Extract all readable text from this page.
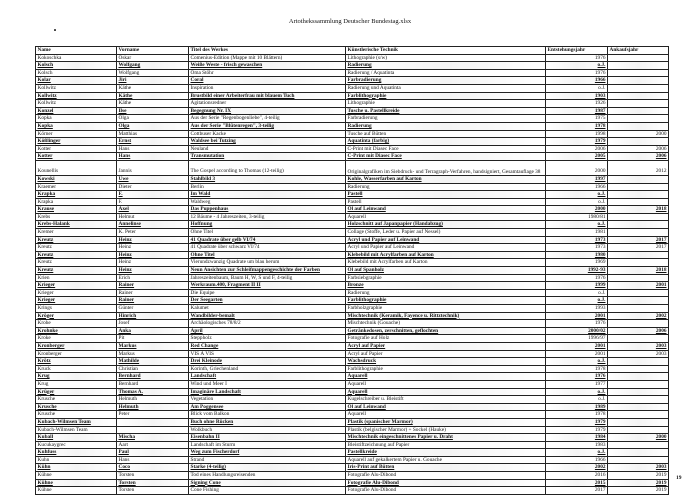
Artothekssammlung Deutscher Bundestag.xlsx
Name	Vorname	Titel des Werkes	Künstlerische Technik	Entstehungsjahr	Ankaufsjahr
Kokoschka	Oskar	Comenius-Edition (Mappe mit 10 Blättern)	Lithographie (s/w)	1976	
Kolsch	Wolfgang	Weiße Weste - frisch gewaschen	Radierung	o.J.	
Kolsch	Wolfgang	Oma Stöhr	Radierung / Aquatinta	1976	
Kolar	Jiri	Coral	Farbradierung	1966	
Kollwitz	Käthe	Inspiration	Radierung und Aquatinta	o.J.	
Kollwitz	Käthe	Brustbild einer Arbeiterfrau mit blauem Tuch	Farblithographie	1903	
Kollwitz	Käthe	Agitationsredner	Lithographie	1926	
Konzel	Ilse	Begegnung Nr. IX	Tusche u. Pastellkreide	1987	
Kopka	Olga	Aus der Serie "Regenbogenliebe", 4-teilig	Farbradierung	1975	
Kopka	Olga	Aus der Serie "Blütenregen", 3-teilig	Radierung	1978	
Körner	Matthias	Cottbuser Kacke	Tusche auf Bütten	1998	2000
Kößlinger	Ernst	Waldsee bei Tutzing	Aquatinta (farbig)	1979	
Kotter	Hans	Neuland	C-Print mit Diasec Face	2006	2006
Kotter	Hans	Transmutation	C-Print mit Diasec Face	2005	2006
Kounellis	Jannis	The Gospel according to Thomas (12-teilig)	Originalgrafiken im Siebdruck- und Terragraph-Verfahren, handsigniert, Gesamtauflage 38	2000	2012
Kowski	Uwe	Stahlbild 3	Kohle, Wasserfarben auf Karton	1997	
Kraemer	Dieter	Berlin	Radierung	1966	
Krapka	F.	Im Wald	Pastell	o.J.	
Krapka	F.	Waldweg	Pastell	o.J.	
Krause	Axel	Das Puppenhaus	Öl auf Leinwand	2000	2018
Krebs	Helmut	12 Bäume - 4 Jahreszeiten, 3-teilig	Aquarell	1980/81	
Krebs-Halank	Annelinse	Hoffnung	Holzschnitt auf Japanpapier (Handabzug)	o.J.	
Kremer	K. Peter	Ohne Titel	Collage (Stoffe, Leder u. Papier auf Nessel)	1981	
Kreutz	Heinz	41 Quadrate über gelb VI/74	Acryl und Papier auf Leinwand	1973	2017
Kreutz	Heinz	41 Quadrate über schwarz VI/74	Acryl und Papier auf Leinwand	1973	2017
Kreutz	Heinz	Ohne Titel	Klebebild mit Acrylfarben auf Karton	1980	
Kreutz	Heinz	Vierundzwanzig Quadrate um blau herum	Klebebild mit Acrylfarben auf Karton	1969	
Kreutz	Heinz	Neun Ansichten zur Schleifmappengeschichte der Farben	Öl auf Spanholz	1992-93	2018
Krien	Erich	Jahreszeitenbaum, Baum H, W, S und F, 4-teilig	Farbsiebgraphie	1976	
Krieger	Rainer	Werkraum.400, Fragment II II	Bronze	1999	2001
Krieger	Rainer	Die Equipe	Radierung	o.J.	
Krieger	Rainer	Der Seegarten	Farblithographie	o.J.	
Krings	Günter	Kalumet	Farbholzgraphie	1993	
Kröger	Hinrich	Wandbilder-bemalt	Mischtechnik (Keramik, Fayence u. Rittztechnik)	2001	2002
Krohe	Josef	Archäologisches 78/8/2	Mischtechnik (Gouache)	1976	
Krohnke	Anka	April	Getränkedosen, zerschnitten, geflochten	2000/02	2006
Kroke	Pit	Steppholz	Fotografie auf Holz	1996/97	
Kronberger	Markus	Red Change	Acryl auf Papier	2001	2003
Kronberger	Markus	VIS À VIS	Acryl auf Papier	2001	2003
Krötz	Mathilde	Drei Kleinode	Wachsdruck	o.J.	
Kruck	Christian	Korinth, Griechenland	Farblithographie	1978	
Krug	Bernhard	Landschaft	Aquarell	1976	
Krug	Bernhard	Wind und Meer I	Aquarell	1977	
Krüger	Thomas A.	Imaginäre Landschaft	Aquarell	o.J.	
Krusche	Helmuth	Vegetation	Kugelschreiber u. Bleistift	o.J.	
Krusche	Helmuth	Am Poggensee	Öl auf Leinwand	1989	
Krusche	Peter	Blick vom Balkon	Aquarell	1978	
Kubach-Wilmsen Team		Buch ohne Rücken	Plastik (spanischer Marmor)	1979	
Kubach-Wilmsen Team		Wolkbuch	Plastik (belgischer Marmor) + Sockel (Hauke)	1979	
Kuball	Mischa	Eisenbahn II	Mischtechnik eingeschnittenes Papier u. Draht	1984	2000
Kucukaygrec	Aart	Landschaft im Sturm	Bleistiftzeichnung auf Papier	1983	
Kuhfuss	Paul	Weg zum Fischerdorf	Pastellkreide	o.J.	
Kuhn	Hans	Strand	Aquarell auf gekalkertem Papier u. Gouache	1966	
Kühn	Coco	Starke (4-teilig)	Iris-Print auf Bütten	2002	2003
Kühne	Torsten	Tod eines Handlungsreisenden	Fotografie Alu-Dibond	2016	2019
Kühne	Torsten	Signing Cone	Fotografie Alu-Dibond	2015	2019
Kühne	Torsten	Cone Fishing	Fotografie Alu-Dibond	2017	2019
19
